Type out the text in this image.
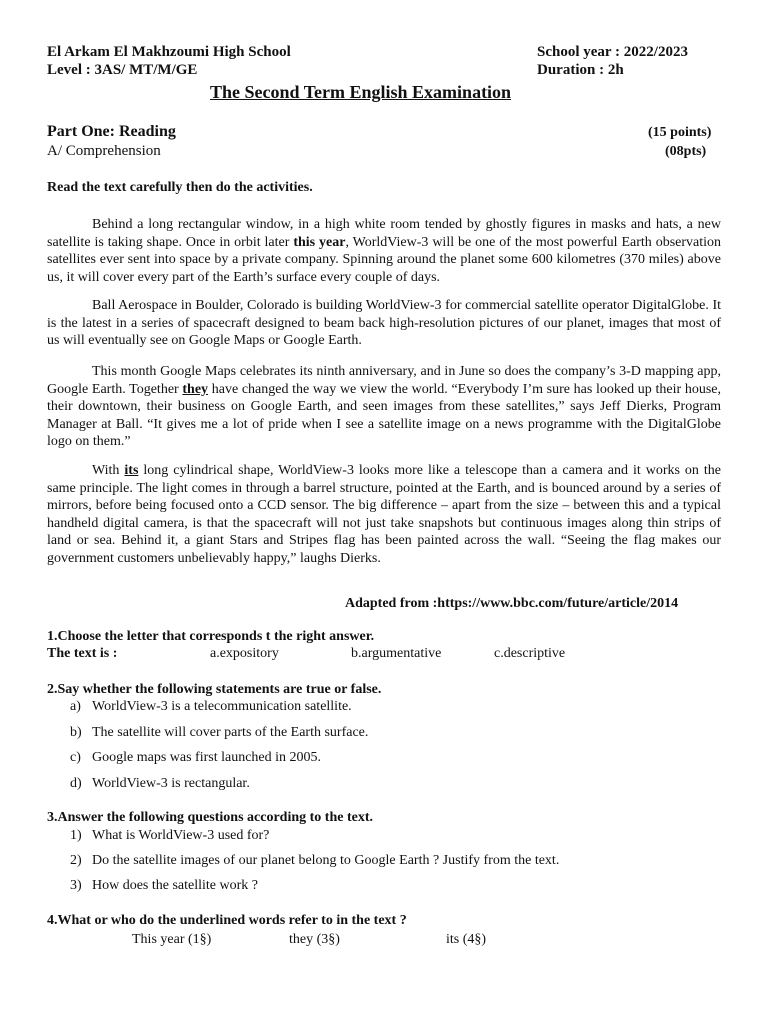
El Arkam El Makhzoumi High School	School year : 2022/2023
Level : 3AS/ MT/M/GE	Duration : 2h
The Second Term English Examination
Part One: Reading	(15 points)
A/ Comprehension	(08pts)
Read the text carefully then do the activities.
Behind a long rectangular window, in a high white room tended by ghostly figures in masks and hats, a new satellite is taking shape. Once in orbit later this year, WorldView-3 will be one of the most powerful Earth observation satellites ever sent into space by a private company. Spinning around the planet some 600 kilometres (370 miles) above us, it will cover every part of the Earth’s surface every couple of days.
Ball Aerospace in Boulder, Colorado is building WorldView-3 for commercial satellite operator DigitalGlobe. It is the latest in a series of spacecraft designed to beam back high-resolution pictures of our planet, images that most of us will eventually see on Google Maps or Google Earth.
This month Google Maps celebrates its ninth anniversary, and in June so does the company’s 3-D mapping app, Google Earth. Together they have changed the way we view the world. “Everybody I’m sure has looked up their house, their downtown, their business on Google Earth, and seen images from these satellites,” says Jeff Dierks, Program Manager at Ball. “It gives me a lot of pride when I see a satellite image on a news programme with the DigitalGlobe logo on them.”
With its long cylindrical shape, WorldView-3 looks more like a telescope than a camera and it works on the same principle. The light comes in through a barrel structure, pointed at the Earth, and is bounced around by a series of mirrors, before being focused onto a CCD sensor. The big difference – apart from the size – between this and a typical handheld digital camera, is that the spacecraft will not just take snapshots but continuous images along thin strips of land or sea. Behind it, a giant Stars and Stripes flag has been painted across the wall. “Seeing the flag makes our government customers unbelievably happy,” laughs Dierks.
Adapted from :https://www.bbc.com/future/article/2014
1.Choose the letter that corresponds t the right answer.
The text is :	a.expository	b.argumentative	c.descriptive
2.Say whether the following statements are true or false.
a) WorldView-3 is a telecommunication satellite.
b) The satellite will cover parts of the Earth surface.
c) Google maps was first launched in 2005.
d) WorldView-3 is rectangular.
3.Answer the following questions according to the text.
1) What is WorldView-3 used for?
2) Do the satellite images of our planet belong to Google Earth ? Justify from the text.
3) How does the satellite work ?
4.What or who do the underlined words refer to in the text ?
This year (1§)	they (3§)	its (4§)
